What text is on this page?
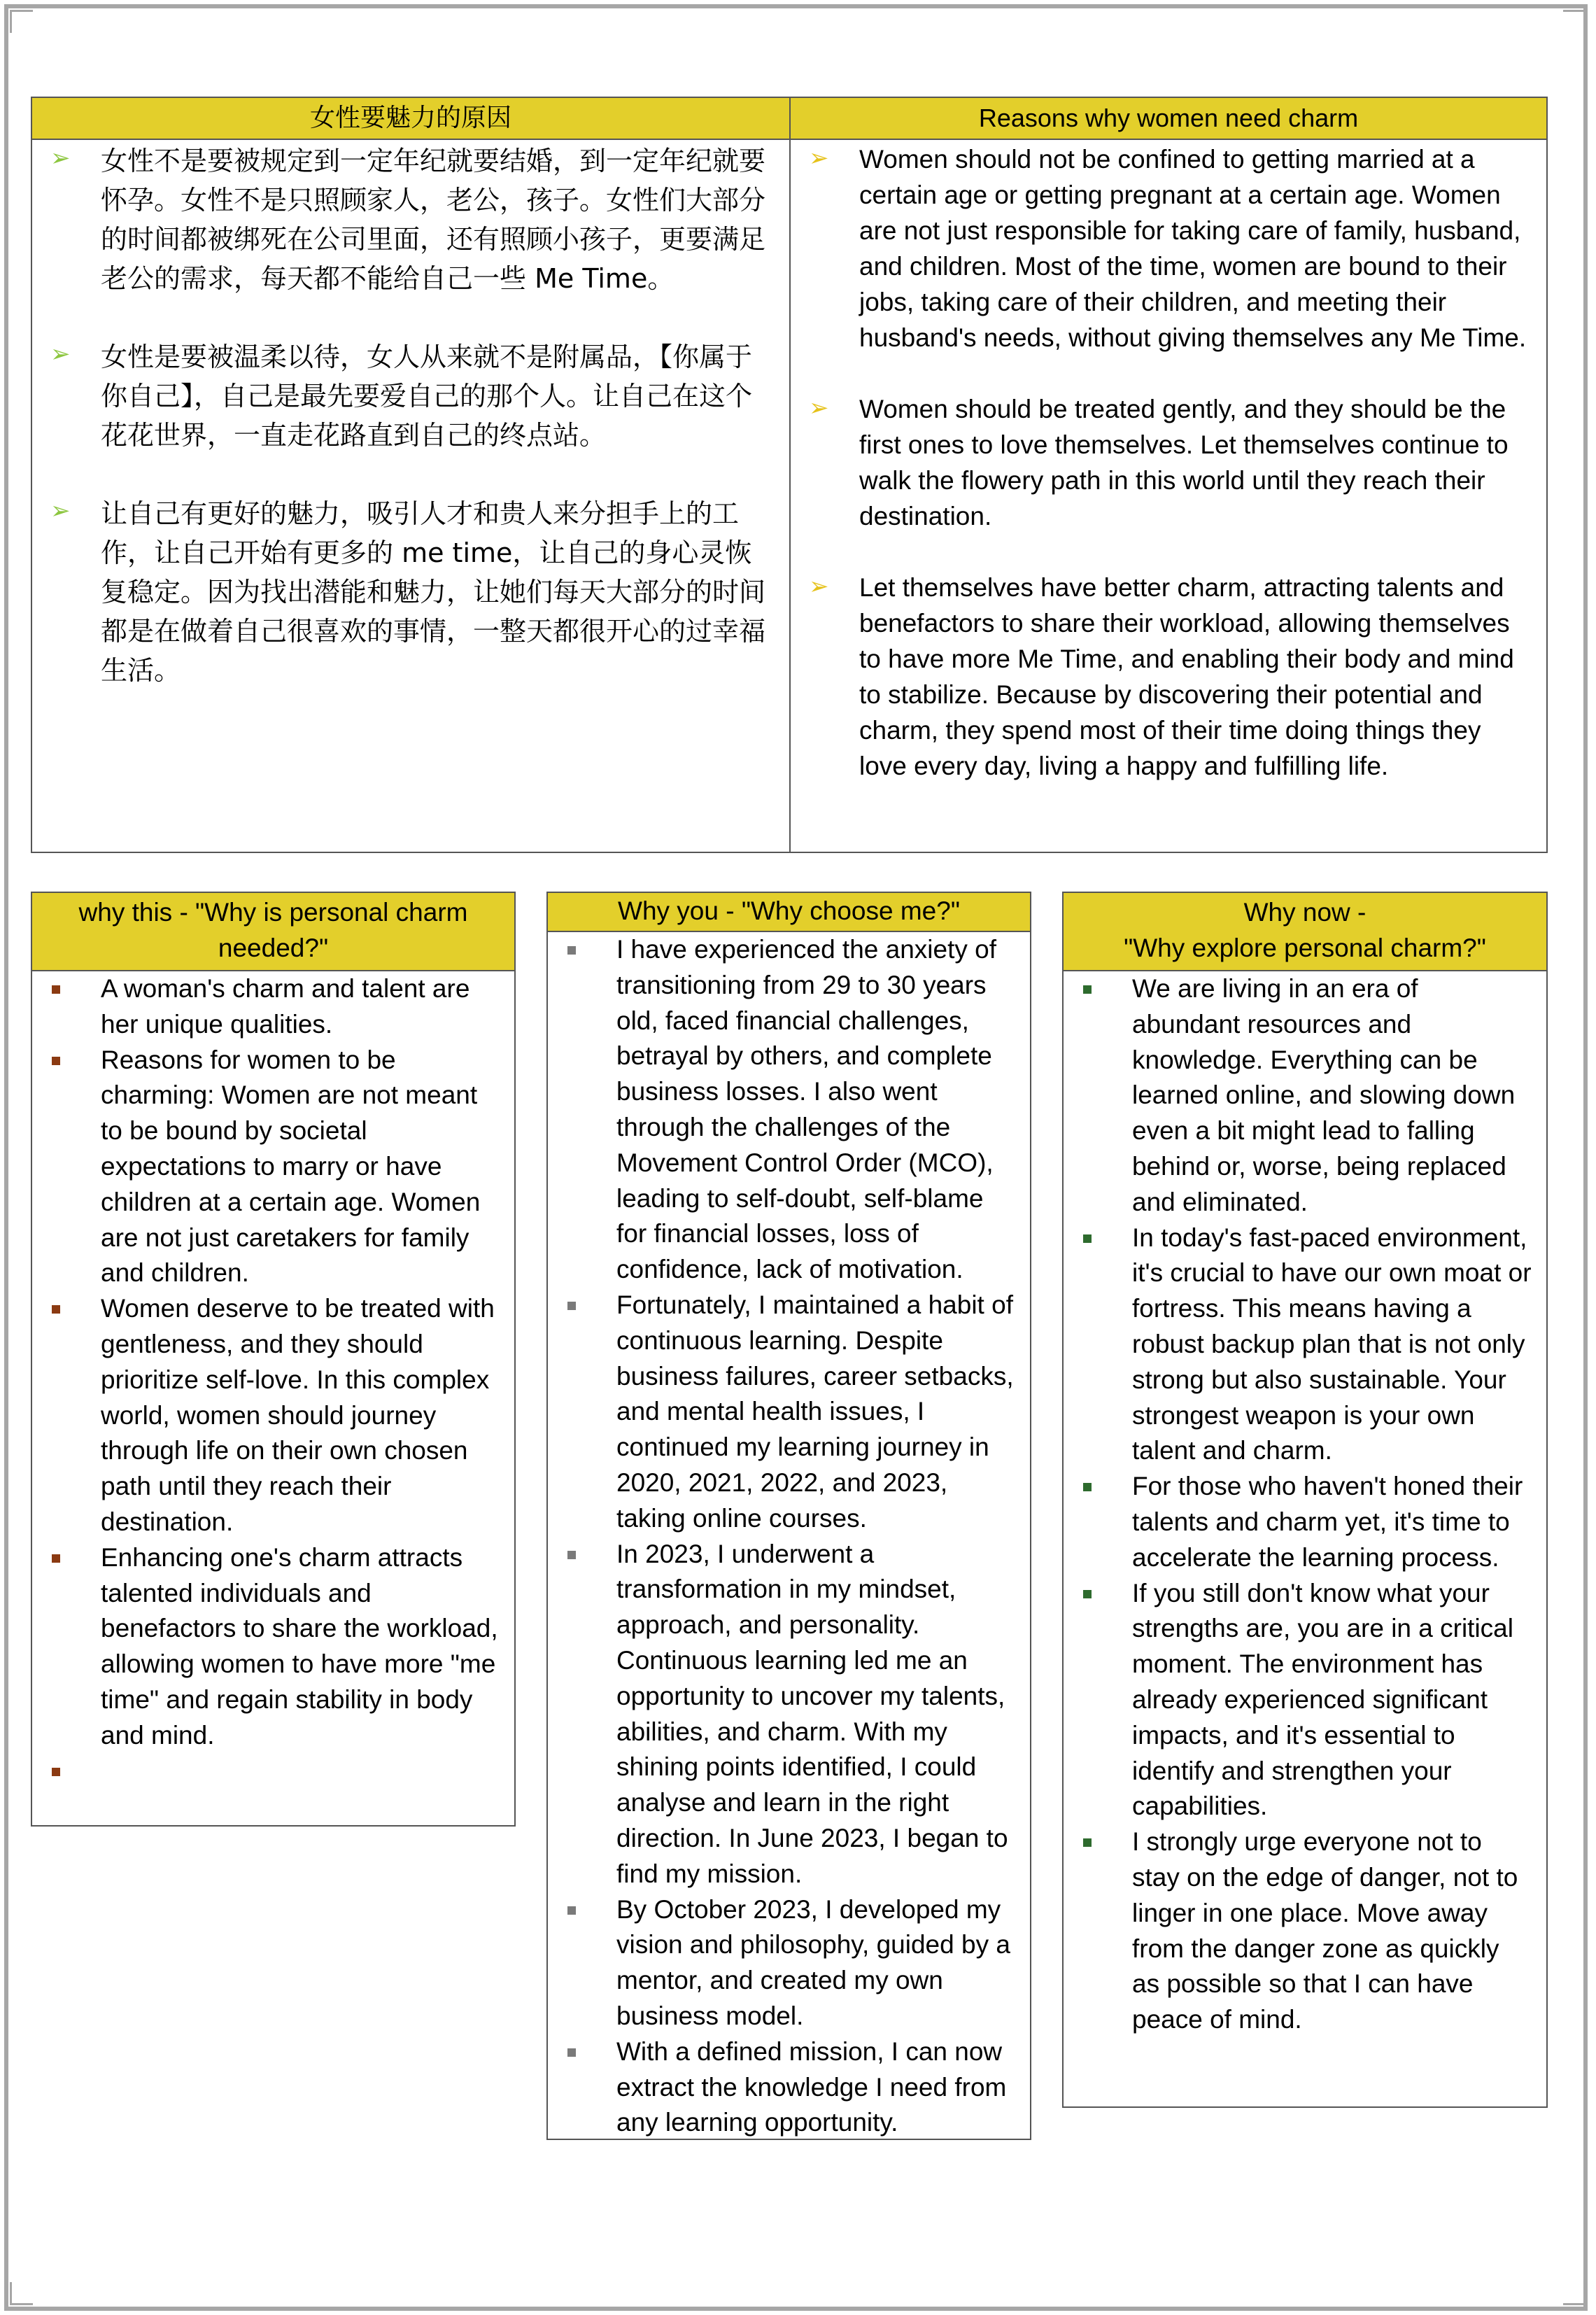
女性要魅力的原因
➢ 女性不是要被规定到一定年纪就要结婚，到一定年纪就要怀孕。女性不是只照顾家人，老公，孩子。女性们大部分的时间都被绑死在公司里面，还有照顾小孩子，更要满足老公的需求，每天都不能给自己一些 Me Time。
➢ 女性是要被温柔以待，女人从来就不是附属品，【你属于你自己】，自己是最先要爱自己的那个人。让自己在这个花花世界，一直走花路直到自己的终点站。
➢ 让自己有更好的魅力，吸引人才和贵人来分担手上的工作，让自己开始有更多的 me time，让自己的身心灵恢复稳定。因为找出潜能和魅力，让她们每天大部分的时间都是在做着自己很喜欢的事情，一整天都很开心的过幸福生活。
Reasons why women need charm
➢ Women should not be confined to getting married at a certain age or getting pregnant at a certain age. Women are not just responsible for taking care of family, husband, and children. Most of the time, women are bound to their jobs, taking care of their children, and meeting their husband's needs, without giving themselves any Me Time.
➢ Women should be treated gently, and they should be the first ones to love themselves. Let themselves continue to walk the flowery path in this world until they reach their destination.
➢ Let themselves have better charm, attracting talents and benefactors to share their workload, allowing themselves to have more Me Time, and enabling their body and mind to stabilize. Because by discovering their potential and charm, they spend most of their time doing things they love every day, living a happy and fulfilling life.
why this - "Why is personal charm needed?"
A woman's charm and talent are her unique qualities.
Reasons for women to be charming: Women are not meant to be bound by societal expectations to marry or have children at a certain age. Women are not just caretakers for family and children.
Women deserve to be treated with gentleness, and they should prioritize self-love. In this complex world, women should journey through life on their own chosen path until they reach their destination.
Enhancing one's charm attracts talented individuals and benefactors to share the workload, allowing women to have more "me time" and regain stability in body and mind.
Why you - "Why choose me?"
I have experienced the anxiety of transitioning from 29 to 30 years old, faced financial challenges, betrayal by others, and complete business losses. I also went through the challenges of the Movement Control Order (MCO), leading to self-doubt, self-blame for financial losses, loss of confidence, lack of motivation.
Fortunately, I maintained a habit of continuous learning. Despite business failures, career setbacks, and mental health issues, I continued my learning journey in 2020, 2021, 2022, and 2023, taking online courses.
In 2023, I underwent a transformation in my mindset, approach, and personality. Continuous learning led me an opportunity to uncover my talents, abilities, and charm. With my shining points identified, I could analyse and learn in the right direction. In June 2023, I began to find my mission.
By October 2023, I developed my vision and philosophy, guided by a mentor, and created my own business model.
With a defined mission, I can now extract the knowledge I need from any learning opportunity.
Why now -
"Why explore personal charm?"
We are living in an era of abundant resources and knowledge. Everything can be learned online, and slowing down even a bit might lead to falling behind or, worse, being replaced and eliminated.
In today's fast-paced environment, it's crucial to have our own moat or fortress. This means having a robust backup plan that is not only strong but also sustainable. Your strongest weapon is your own talent and charm.
For those who haven't honed their talents and charm yet, it's time to accelerate the learning process.
If you still don't know what your strengths are, you are in a critical moment. The environment has already experienced significant impacts, and it's essential to identify and strengthen your capabilities.
I strongly urge everyone not to stay on the edge of danger, not to linger in one place. Move away from the danger zone as quickly as possible so that I can have peace of mind.
